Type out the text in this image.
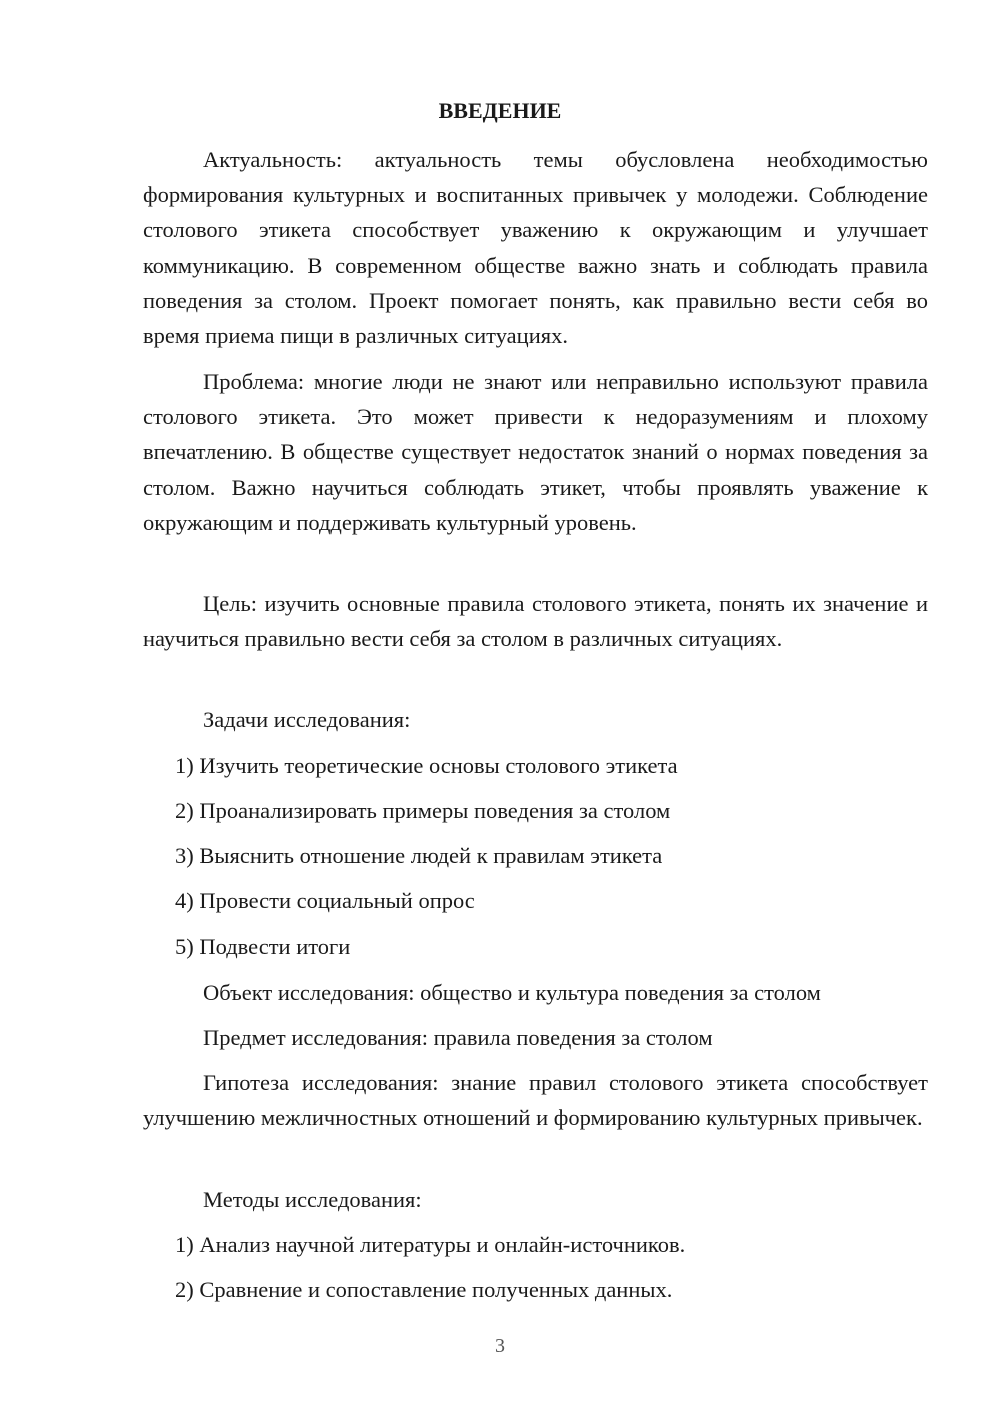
ВВЕДЕНИЕ

Актуальность: актуальность темы обусловлена необходимостью формирования культурных и воспитанных привычек у молодежи. Соблюдение столового этикета способствует уважению к окружающим и улучшает коммуникацию. В современном обществе важно знать и соблюдать правила поведения за столом. Проект помогает понять, как правильно вести себя во время приема пищи в различных ситуациях.

Проблема: многие люди не знают или неправильно используют правила столового этикета. Это может привести к недоразумениям и плохому впечатлению. В обществе существует недостаток знаний о нормах поведения за столом. Важно научиться соблюдать этикет, чтобы проявлять уважение к окружающим и поддерживать культурный уровень.

Цель: изучить основные правила столового этикета, понять их значение и научиться правильно вести себя за столом в различных ситуациях.

Задачи исследования:

1) Изучить теоретические основы столового этикета

2) Проанализировать примеры поведения за столом

3) Выяснить отношение людей к правилам этикета

4) Провести социальный опрос

5) Подвести итоги

Объект исследования: общество и культура поведения за столом

Предмет исследования: правила поведения за столом

Гипотеза исследования: знание правил столового этикета способствует улучшению межличностных отношений и формированию культурных привычек.

Методы исследования:

1) Анализ научной литературы и онлайн-источников.

2) Сравнение и сопоставление полученных данных.

3
